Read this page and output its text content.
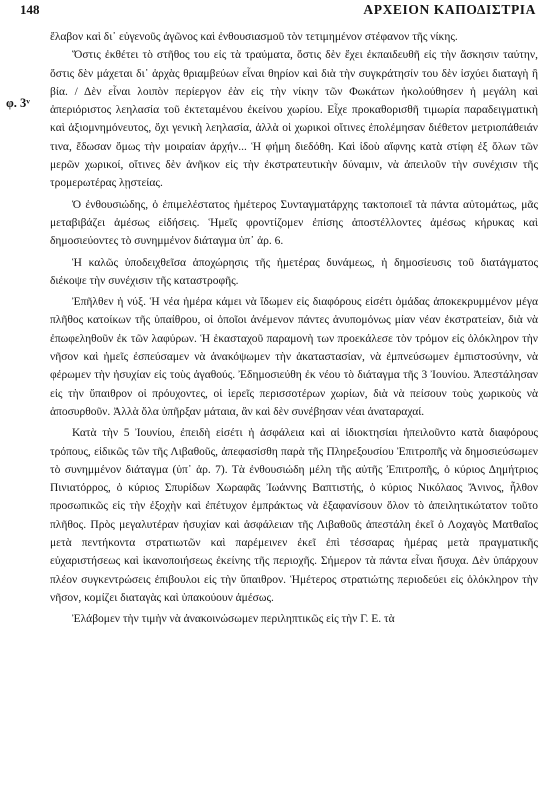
148	ΑΡΧΕΙΟΝ ΚΑΠΟΔΙΣΤΡΙΑ
φ. 3ᵛ

ἔλαβον καὶ δι᾽ εὐγενοῦς ἀγῶνος καὶ ἐνθουσιασμοῦ τὸν τετιμημένον στέφανον τῆς νίκης.

Ὅστις ἐκθέτει τὸ στῆθος του εἰς τὰ τραύματα, ὅστις δὲν ἔχει ἐκπαιδευθῆ εἰς τὴν ἄσκησιν ταύτην, ὅστις δὲν μάχεται δι᾽ ἀρχὰς θριαμβεύων εἶναι θηρίον καὶ διὰ τὴν συγκράτησίν του δὲν ἰσχύει διαταγὴ ἢ βία. / Δὲν εἶναι λοιπὸν περίεργον ἐὰν εἰς τὴν νίκην τῶν Φωκάτων ἠκολούθησεν ἡ μεγάλη καὶ ἀπεριόριστος λεηλασία τοῦ ἐκτεταμένου ἐκείνου χωρίου. Εἶχε προκαθορισθῆ τιμωρία παραδειγματικὴ καὶ ἀξιομνημόνευτος, ὄχι γενικὴ λεηλασία, ἀλλὰ οἱ χωρικοὶ οἵτινες ἐπολέμησαν διέθετον μετριοπάθειάν τινα, ἔδωσαν ὅμως τὴν μοιραίαν ἀρχήν... Ἡ φήμη διεδόθη. Καὶ ἰδοὺ αἴφνης κατὰ στίφη ἐξ ὅλων τῶν μερῶν χωρικοί, οἵτινες δὲν ἀνῆκον εἰς τὴν ἐκστρατευτικὴν δύναμιν, νὰ ἀπειλοῦν τὴν συνέχισιν τῆς τρομερωτέρας λῃστείας.

Ὁ ἐνθουσιώδης, ὁ ἐπιμελέστατος ἡμέτερος Συνταγματάρχης τακτοποιεῖ τὰ πάντα αὐτομάτως, μᾶς μεταβιβάζει ἀμέσως εἰδήσεις. Ἡμεῖς φροντίζομεν ἐπίσης ἀποστέλλοντες ἀμέσως κήρυκας καὶ δημοσιεύοντες τὸ συνημμένον διάταγμα ὑπ᾽ ἀρ. 6.

Ἡ καλῶς ὑποδειχθεῖσα ἀποχώρησις τῆς ἡμετέρας δυνάμεως, ἡ δημοσίευσις τοῦ διατάγματος διέκοψε τὴν συνέχισιν τῆς καταστροφῆς.

Ἐπῆλθεν ἡ νύξ. Ἡ νέα ἡμέρα κάμει νὰ ἴδωμεν εἰς διαφόρους εἰσέτι ὁμάδας ἀποκεκρυμμένον μέγα πλῆθος κατοίκων τῆς ὑπαίθρου, οἱ ὁποῖοι ἀνέμενον πάντες ἀνυπομόνως μίαν νέαν ἐκστρατείαν, διὰ νὰ ἐπωφεληθοῦν ἐκ τῶν λαφύρων. Ἡ ἑκασταχοῦ παραμονὴ των προεκάλεσε τὸν τρόμον εἰς ὁλόκληρον τὴν νῆσον καὶ ἡμεῖς ἐσπεύσαμεν νὰ ἀνακόψωμεν τὴν ἀκαταστασίαν, νὰ ἐμπνεύσωμεν ἐμπιστοσύνην, νὰ φέρωμεν τὴν ἡσυχίαν εἰς τοὺς ἀγαθούς. Ἐδημοσιεύθη ἐκ νέου τὸ διάταγμα τῆς 3 Ἰουνίου. Ἀπεστάλησαν εἰς τὴν ὕπαιθρον οἱ πρόυχοντες, οἱ ἱερεῖς περισσοτέρων χωρίων, διὰ νὰ πείσουν τοὺς χωρικοὺς νὰ ἀποσυρθοῦν. Ἀλλὰ ὅλα ὑπῆρξαν μάταια, ἂν καὶ δὲν συνέβησαν νέαι ἀναταραχαί.

Κατὰ τὴν 5 Ἰουνίου, ἐπειδὴ εἰσέτι ἡ ἀσφάλεια καὶ αἱ ἰδιοκτησίαι ἠπειλοῦντο κατὰ διαφόρους τρόπους, εἰδικῶς τῶν τῆς Λιβαθοῦς, ἀπεφασίσθη παρὰ τῆς Πληρεξουσίου Ἐπιτροπῆς νὰ δημοσιεύσωμεν τὸ συνημμένον διάταγμα (ὑπ᾽ ἀρ. 7). Τὰ ἐνθουσιώδη μέλη τῆς αὐτῆς Ἐπιτροπῆς, ὁ κύριος Δημήτριος Πινιατόρρος, ὁ κύριος Σπυρίδων Χωραφᾶς Ἰωάννης Βαπτιστής, ὁ κύριος Νικόλαος Ἄνινος, ἦλθον προσωπικῶς εἰς τὴν ἐξοχὴν καὶ ἐπέτυχον ἐμπράκτως νὰ ἐξαφανίσουν ὅλον τὸ ἀπειλητικώτατον τοῦτο πλῆθος. Πρὸς μεγαλυτέραν ἡσυχίαν καὶ ἀσφάλειαν τῆς Λιβαθοῦς ἀπεστάλη ἐκεῖ ὁ Λοχαγὸς Ματθαῖος μετὰ πεντήκοντα στρατιωτῶν καὶ παρέμεινεν ἐκεῖ ἐπὶ τέσσαρας ἡμέρας μετὰ πραγματικῆς εὐχαριστήσεως καὶ ἱκανοποιήσεως ἐκείνης τῆς περιοχῆς. Σήμερον τὰ πάντα εἶναι ἥσυχα. Δὲν ὑπάρχουν πλέον συγκεντρώσεις ἐπιβουλοι εἰς τὴν ὕπαιθρον. Ἡμέτερος στρατιώτης περιοδεύει εἰς ὁλόκληρον τὴν νῆσον, κομίζει διαταγὰς καὶ ὑπακούουν ἀμέσως.

Ἐλάβομεν τὴν τιμὴν νὰ ἀνακοινώσωμεν περιληπτικῶς εἰς τὴν Γ. Ε. τὰ
